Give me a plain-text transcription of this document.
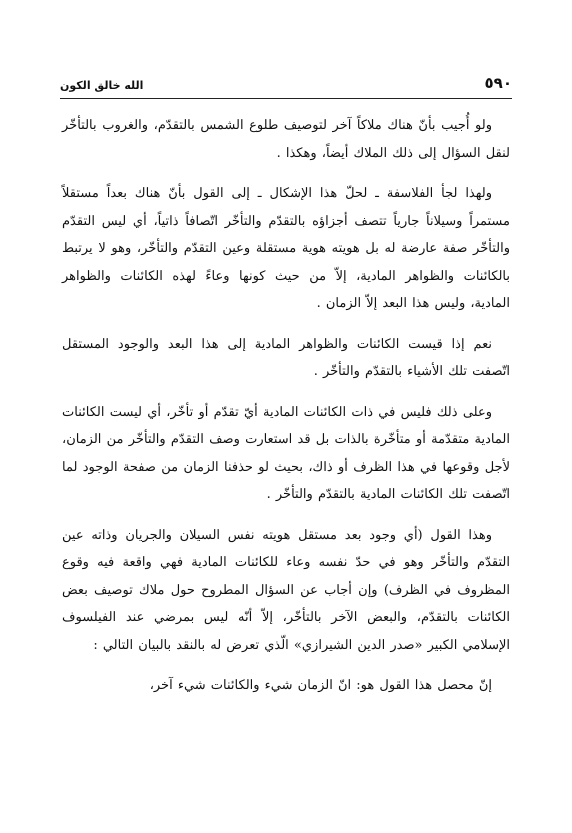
٥٩٠
الله خالق الكون

ولو أُجيب بأنّ هناك ملاكاً آخر لتوصيف طلوع الشمس بالتقدّم، والغروب بالتأخّر لنقل السؤال إلى ذلك الملاك أيضاً، وهكذا .

ولهذا لجأ الفلاسفة ـ لحلّ هذا الإشكال ـ إلى القول بأنّ هناك بعداً مستقلاً مستمراً وسيلاناً جارياً تتصف أجزاؤه بالتقدّم والتأخّر اتّصافاً ذاتياً، أي ليس التقدّم والتأخّر صفة عارضة له بل هويته هوية مستقلة وعين التقدّم والتأخّر، وهو لا يرتبط بالكائنات والظواهر المادية، إلاّ من حيث كونها وعاءً لهذه الكائنات والظواهر المادية، وليس هذا البعد إلاّ الزمان .

نعم إذا قيست الكائنات والظواهر المادية إلى هذا البعد والوجود المستقل اتّصفت تلك الأشياء بالتقدّم والتأخّر .

وعلى ذلك فليس في ذات الكائنات المادية أيّ تقدّم أو تأخّر، أي ليست الكائنات المادية متقدّمة أو متأخّرة بالذات بل قد استعارت وصف التقدّم والتأخّر من الزمان، لأجل وقوعها في هذا الظرف أو ذاك، بحيث لو حذفنا الزمان من صفحة الوجود لما اتّصفت تلك الكائنات المادية بالتقدّم والتأخّر .

وهذا القول (أي وجود بعد مستقل هويته نفس السيلان والجريان وذاته عين التقدّم والتأخّر وهو في حدّ نفسه وعاء للكائنات المادية فهي واقعة فيه وقوع المظروف في الظرف) وإن أجاب عن السؤال المطروح حول ملاك توصيف بعض الكائنات بالتقدّم، والبعض الآخر بالتأخّر، إلاّ أنّه ليس بمرضي عند الفيلسوف الإسلامي الكبير «صدر الدين الشيرازي» الّذي تعرض له بالنقد بالبيان التالي :

إنّ محصل هذا القول هو: انّ الزمان شيء والكائنات شيء آخر،
